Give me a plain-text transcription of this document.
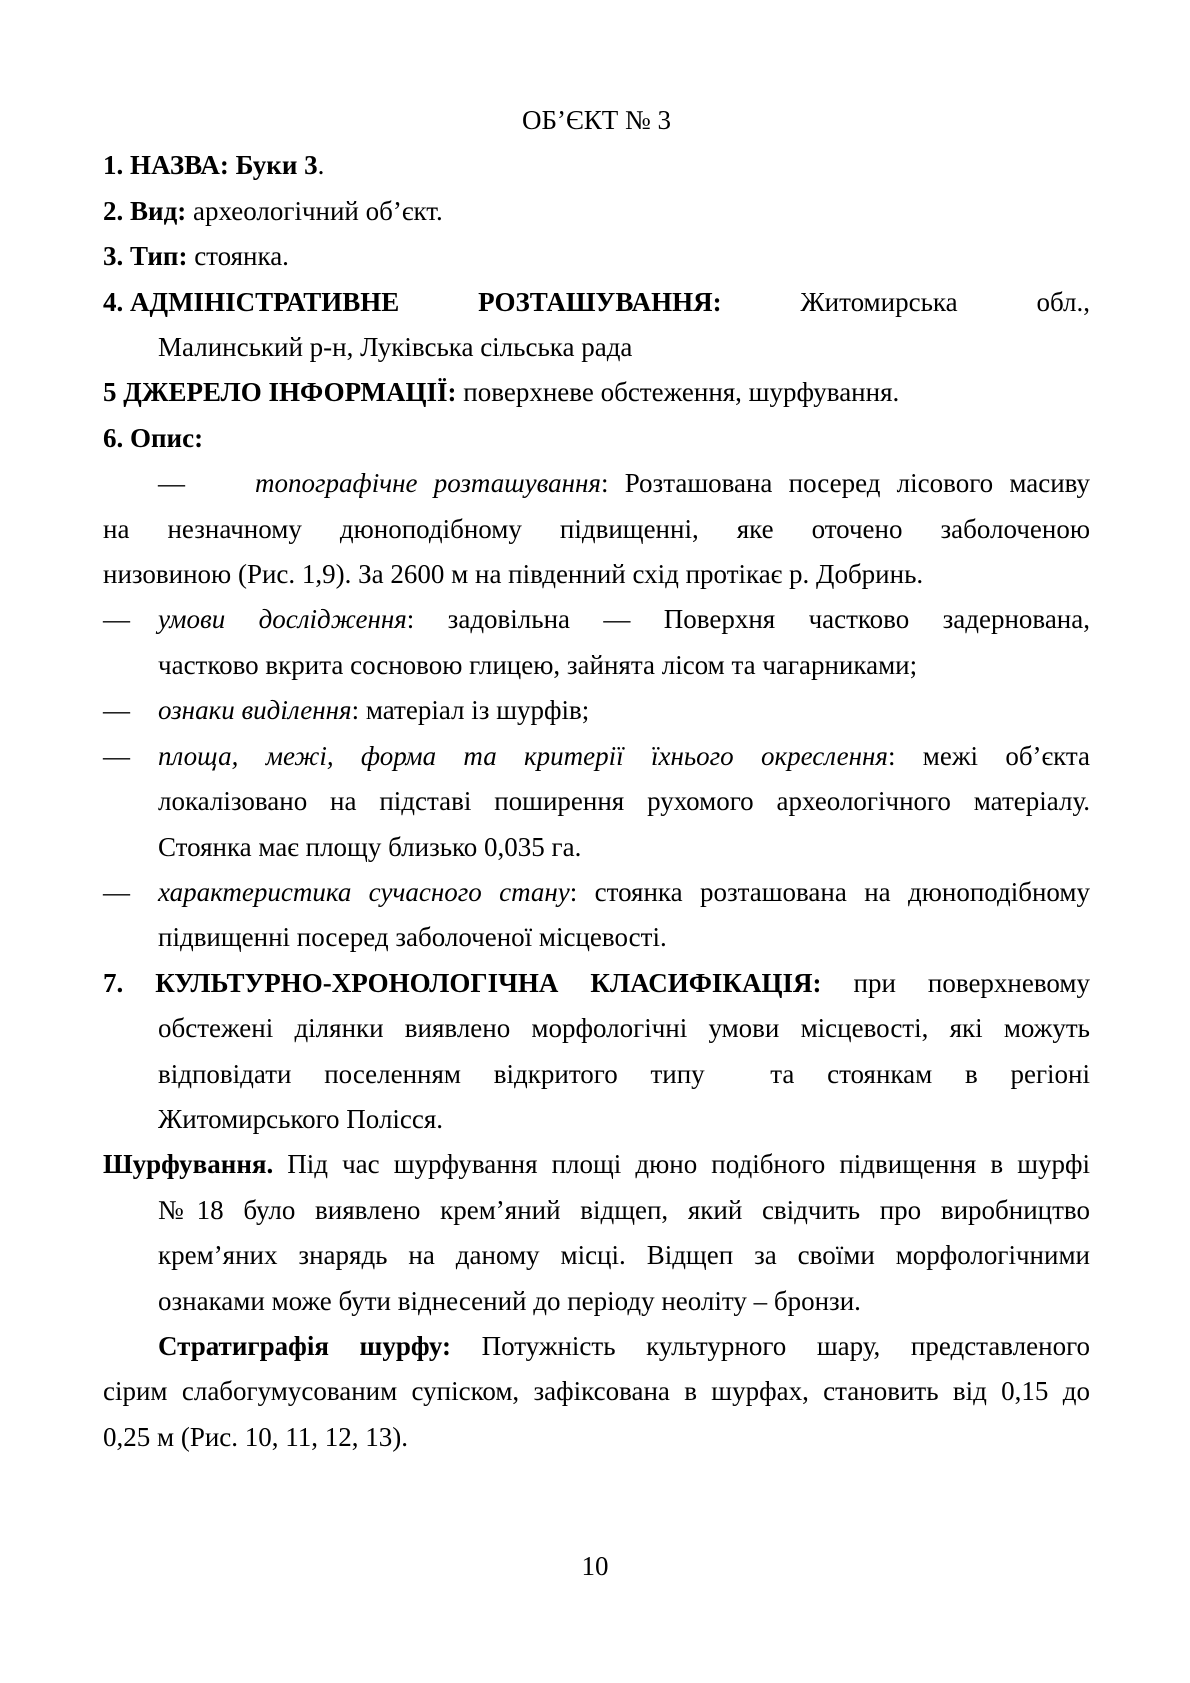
ОБ’ЄКТ № 3
1. НАЗВА: Буки 3.
2. Вид: археологічний об’єкт.
3. Тип: стоянка.
4. АДМІНІСТРАТИВНЕ	РОЗТАШУВАННЯ:	Житомирська	обл.,
Малинський р-н, Луківська сільська рада
5 ДЖЕРЕЛО ІНФОРМАЦІЇ: поверхневе обстеження, шурфування.
6. Опис:
—	топографічне розташування: Розташована посеред лісового масиву
на незначному дюноподібному підвищенні, яке оточено заболоченою
низовиною (Рис. 1,9). За 2600 м на південний схід протікає р. Добринь.
— умови дослідження: задовільна — Поверхня частково задернована,
частково вкрита сосновою глицею, зайнята лісом та чагарниками;
— ознаки виділення: матеріал із шурфів;
— площа, межі, форма та критерії їхнього окреслення: межі об’єкта
локалізовано на підставі поширення рухомого археологічного матеріалу.
Стоянка має площу близько 0,035 га.
— характеристика сучасного стану: стоянка розташована на дюноподібному
підвищенні посеред заболоченої місцевості.
7. КУЛЬТУРНО-ХРОНОЛОГІЧНА КЛАСИФІКАЦІЯ: при поверхневому
обстежені ділянки виявлено морфологічні умови місцевості, які можуть
відповідати поселенням відкритого типу  та стоянкам в регіоні
Житомирського Полісся.
Шурфування. Під час шурфування площі дюно подібного підвищення в шурфі
№18 було виявлено крем’яний відщеп, який свідчить про виробництво
крем’яних знарядь на даному місці. Відщеп за своїми морфологічними
ознаками може бути віднесений до періоду неоліту – бронзи.
Стратиграфія шурфу: Потужність культурного шару, представленого
сірим слабогумусованим супіском, зафіксована в шурфах, становить від 0,15 до
0,25 м (Рис. 10, 11, 12, 13).
10
